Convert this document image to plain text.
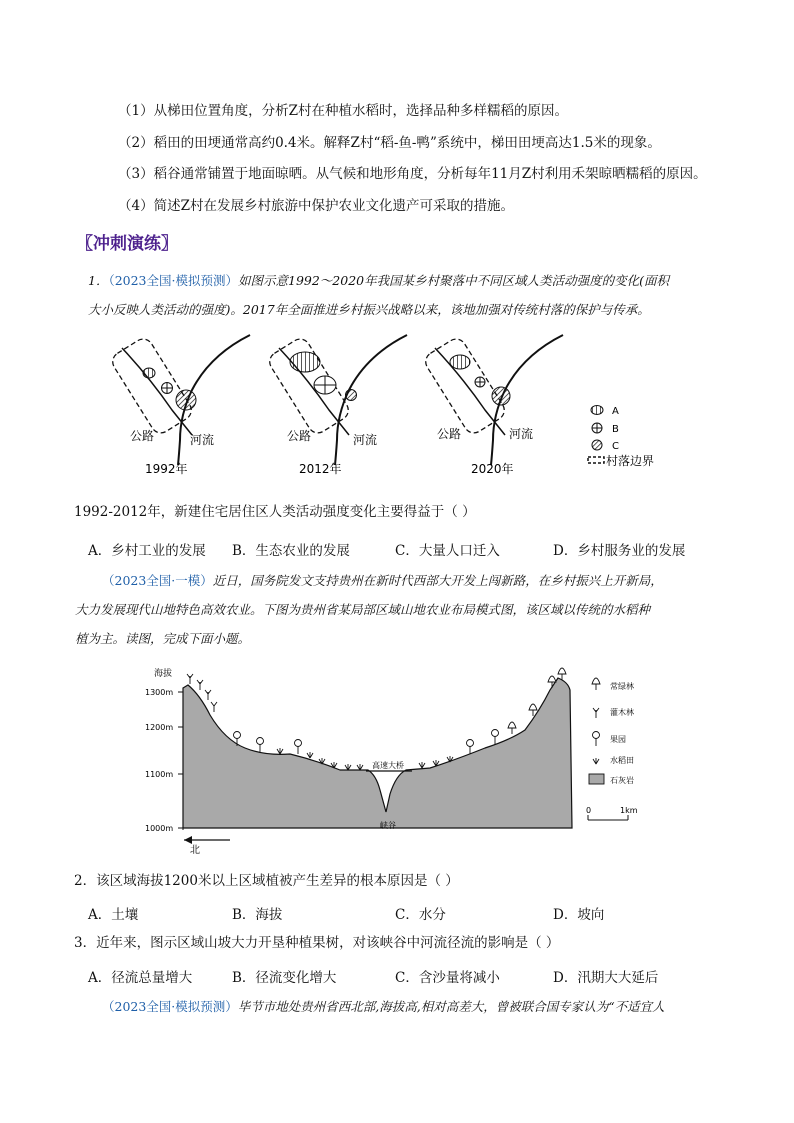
（1）从梯田位置角度，分析Z村在种植水稻时，选择品种多样糯稻的原因。
（2）稻田的田埂通常高约0.4米。解释Z村“稻-鱼-鸭”系统中，梯田田埂高达1.5米的现象。
（3）稻谷通常铺置于地面晾晒。从气候和地形角度，分析每年11月Z村利用禾架晾晒糯稻的原因。
（4）简述Z村在发展乡村旅游中保护农业文化遗产可采取的措施。
〖冲刺演练〗
1．（2023全国·模拟预测）如图示意1992～2020年我国某乡村聚落中不同区域人类活动强度的变化(面积
大小反映人类活动的强度)。2017年全面推进乡村振兴战略以来，该地加强对传统村落的保护与传承。
公路	河流
1992年
公路	河流
2012年
公路	河流
2020年
A
B
C
村落边界
1992-2012年，新建住宅居住区人类活动强度变化主要得益于（ ）
A．乡村工业的发展 B．生态农业的发展	C．大量人口迁入	D．乡村服务业的发展
（2023全国·一模）近日，国务院发文支持贵州在新时代西部大开发上闯新路，在乡村振兴上开新局，
大力发展现代山地特色高效农业。下图为贵州省某局部区域山地农业布局模式图，该区域以传统的水稻种
植为主。读图，完成下面小题。
海拔
1300m
1200m
1100m
1000m
高速大桥
峡谷
北
0	1km
常绿林
灌木林
果园
水稻田
石灰岩
2．该区域海拔1200米以上区域植被产生差异的根本原因是（ ）
A．土壤	B．海拔	C．水分	D．坡向
3．近年来，图示区域山坡大力开垦种植果树，对该峡谷中河流径流的影响是（ ）
A．径流总量增大	B．径流变化增大	C．含沙量将减小	D．汛期大大延后
（2023全国·模拟预测）毕节市地处贵州省西北部,海拔高,相对高差大，曾被联合国专家认为“不适宜人
